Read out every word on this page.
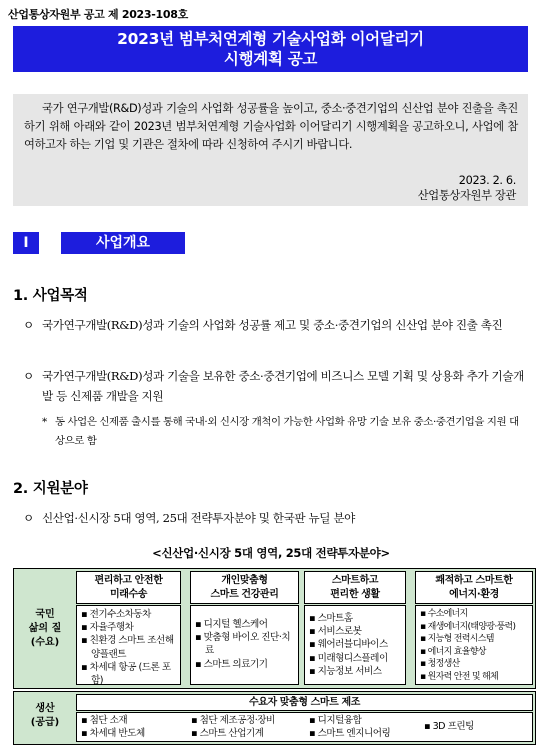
산업통상자원부 공고 제 2023-108호
2023년 범부처연계형 기술사업화 이어달리기
시행계획 공고

국가 연구개발(R&D)성과 기술의 사업화 성공률을 높이고, 중소·중견기업의 신산업 분야 진출을 촉진하기 위해 아래와 같이 2023년 범부처연계형 기술사업화 이어달리기 시행계획을 공고하오니, 사업에 참여하고자 하는 기업 및 기관은 절차에 따라 신청하여 주시기 바랍니다.

2023. 2. 6.
산업통상자원부 장관
Ⅰ	사업개요
1. 사업목적
ㅇ 국가연구개발(R&D)성과 기술의 사업화 성공률 제고 및 중소·중견기업의 신산업 분야 진출 촉진
ㅇ 국가연구개발(R&D)성과 기술을 보유한 중소·중견기업에 비즈니스 모델 기획 및 상용화 추가 기술개발 등 신제품 개발을 지원
* 동 사업은 신제품 출시를 통해 국내·외 신시장 개척이 가능한 사업화 유망 기술 보유 중소·중견기업을 지원 대상으로 함
2. 지원분야
ㅇ 신산업·신시장 5대 영역, 25대 전략투자분야 및 한국판 뉴딜 분야
<신산업·신시장 5대 영역, 25대 전략투자분야>
국민
삶의 질
(수요)
편리하고 안전한
미래수송
▪ 전기수소차동차
▪ 자율주행차
▪ 친환경 스마트 조선해양플랜트
▪ 차세대 항공 (드론 포함)
개인맞춤형
스마트 건강관리
▪ 디지털 헬스케어
▪ 맞춤형 바이오 진단·치료
▪ 스마트 의료기기
스마트하고
편리한 생활
▪ 스마트홈
▪ 서비스로봇
▪ 웨어러블디바이스
▪ 미래형디스플레이
▪ 지능정보 서비스
쾌적하고 스마트한
에너지·환경
▪ 수소에너지
▪ 재생에너지(태양광·풍력)
▪ 지능형 전력시스템
▪ 에너지 효율향상
▪ 청정생산
▪ 원자력 안전 및 해체
생산
(공급)
수요자 맞춤형 스마트 제조
▪ 첨단 소재
▪ 차세대 반도체
▪ 첨단 제조공정·장비
▪ 스마트 산업기계
▪ 디지털융합
▪ 스마트 엔지니어링
▪ 3D 프린팅
